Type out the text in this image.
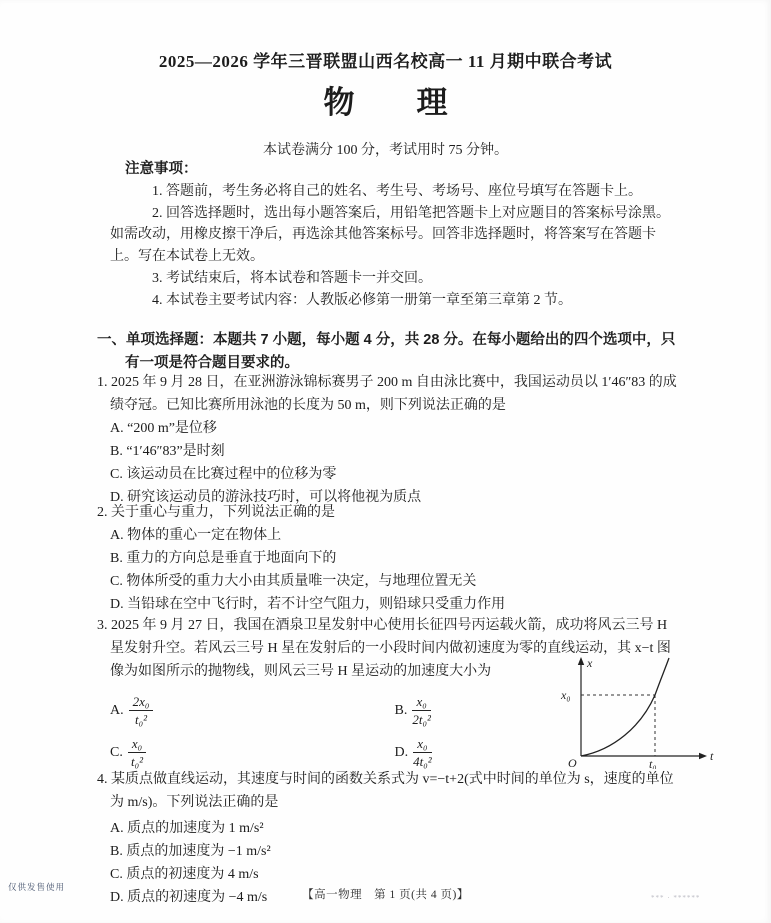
2025—2026 学年三晋联盟山西名校高一 11 月期中联合考试

物 理

本试卷满分 100 分，考试用时 75 分钟。

注意事项：

1. 答题前，考生务必将自己的姓名、考生号、考场号、座位号填写在答题卡上。

2. 回答选择题时，选出每小题答案后，用铅笔把答题卡上对应题目的答案标号涂黑。如需改动，用橡皮擦干净后，再选涂其他答案标号。回答非选择题时，将答案写在答题卡上。写在本试卷上无效。

3. 考试结束后，将本试卷和答题卡一并交回。

4. 本试卷主要考试内容：人教版必修第一册第一章至第三章第 2 节。

一、单项选择题：本题共 7 小题，每小题 4 分，共 28 分。在每小题给出的四个选项中，只有一项是符合题目要求的。

1. 2025 年 9 月 28 日，在亚洲游泳锦标赛男子 200 m 自由泳比赛中，我国运动员以 1′46″83 的成绩夺冠。已知比赛所用泳池的长度为 50 m，则下列说法正确的是

A. “200 m”是位移

B. “1′46″83”是时刻

C. 该运动员在比赛过程中的位移为零

D. 研究该运动员的游泳技巧时，可以将他视为质点

2. 关于重心与重力，下列说法正确的是

A. 物体的重心一定在物体上

B. 重力的方向总是垂直于地面向下的

C. 物体所受的重力大小由其质量唯一决定，与地理位置无关

D. 当铅球在空中飞行时，若不计空气阻力，则铅球只受重力作用

3. 2025 年 9 月 27 日，我国在酒泉卫星发射中心使用长征四号丙运载火箭，成功将风云三号 H 星发射升空。若风云三号 H 星在发射后的一小段时间内做初速度为零的直线运动，其 x−t 图像为如图所示的抛物线，则风云三号 H 星运动的加速度大小为

A. $\frac{\text{2x₀}}{\text{t₀²}}$	B. $\frac{\text{x₀}}{\text{2t₀²}}$
C. $\frac{\text{x₀}}{\text{t₀²}}$	D. $\frac{\text{x₀}}{\text{4t₀²}}$
x
t
O
x₀
t₀

4. 某质点做直线运动，其速度与时间的函数关系式为 v=−t+2(式中时间的单位为 s，速度的单位为 m/s)。下列说法正确的是

A. 质点的加速度为 1 m/s²

B. 质点的加速度为 −1 m/s²

C. 质点的初速度为 4 m/s

D. 质点的初速度为 −4 m/s	【高一物理　第 1 页(共 4 页)】

仅供发售使用

*** · ******
